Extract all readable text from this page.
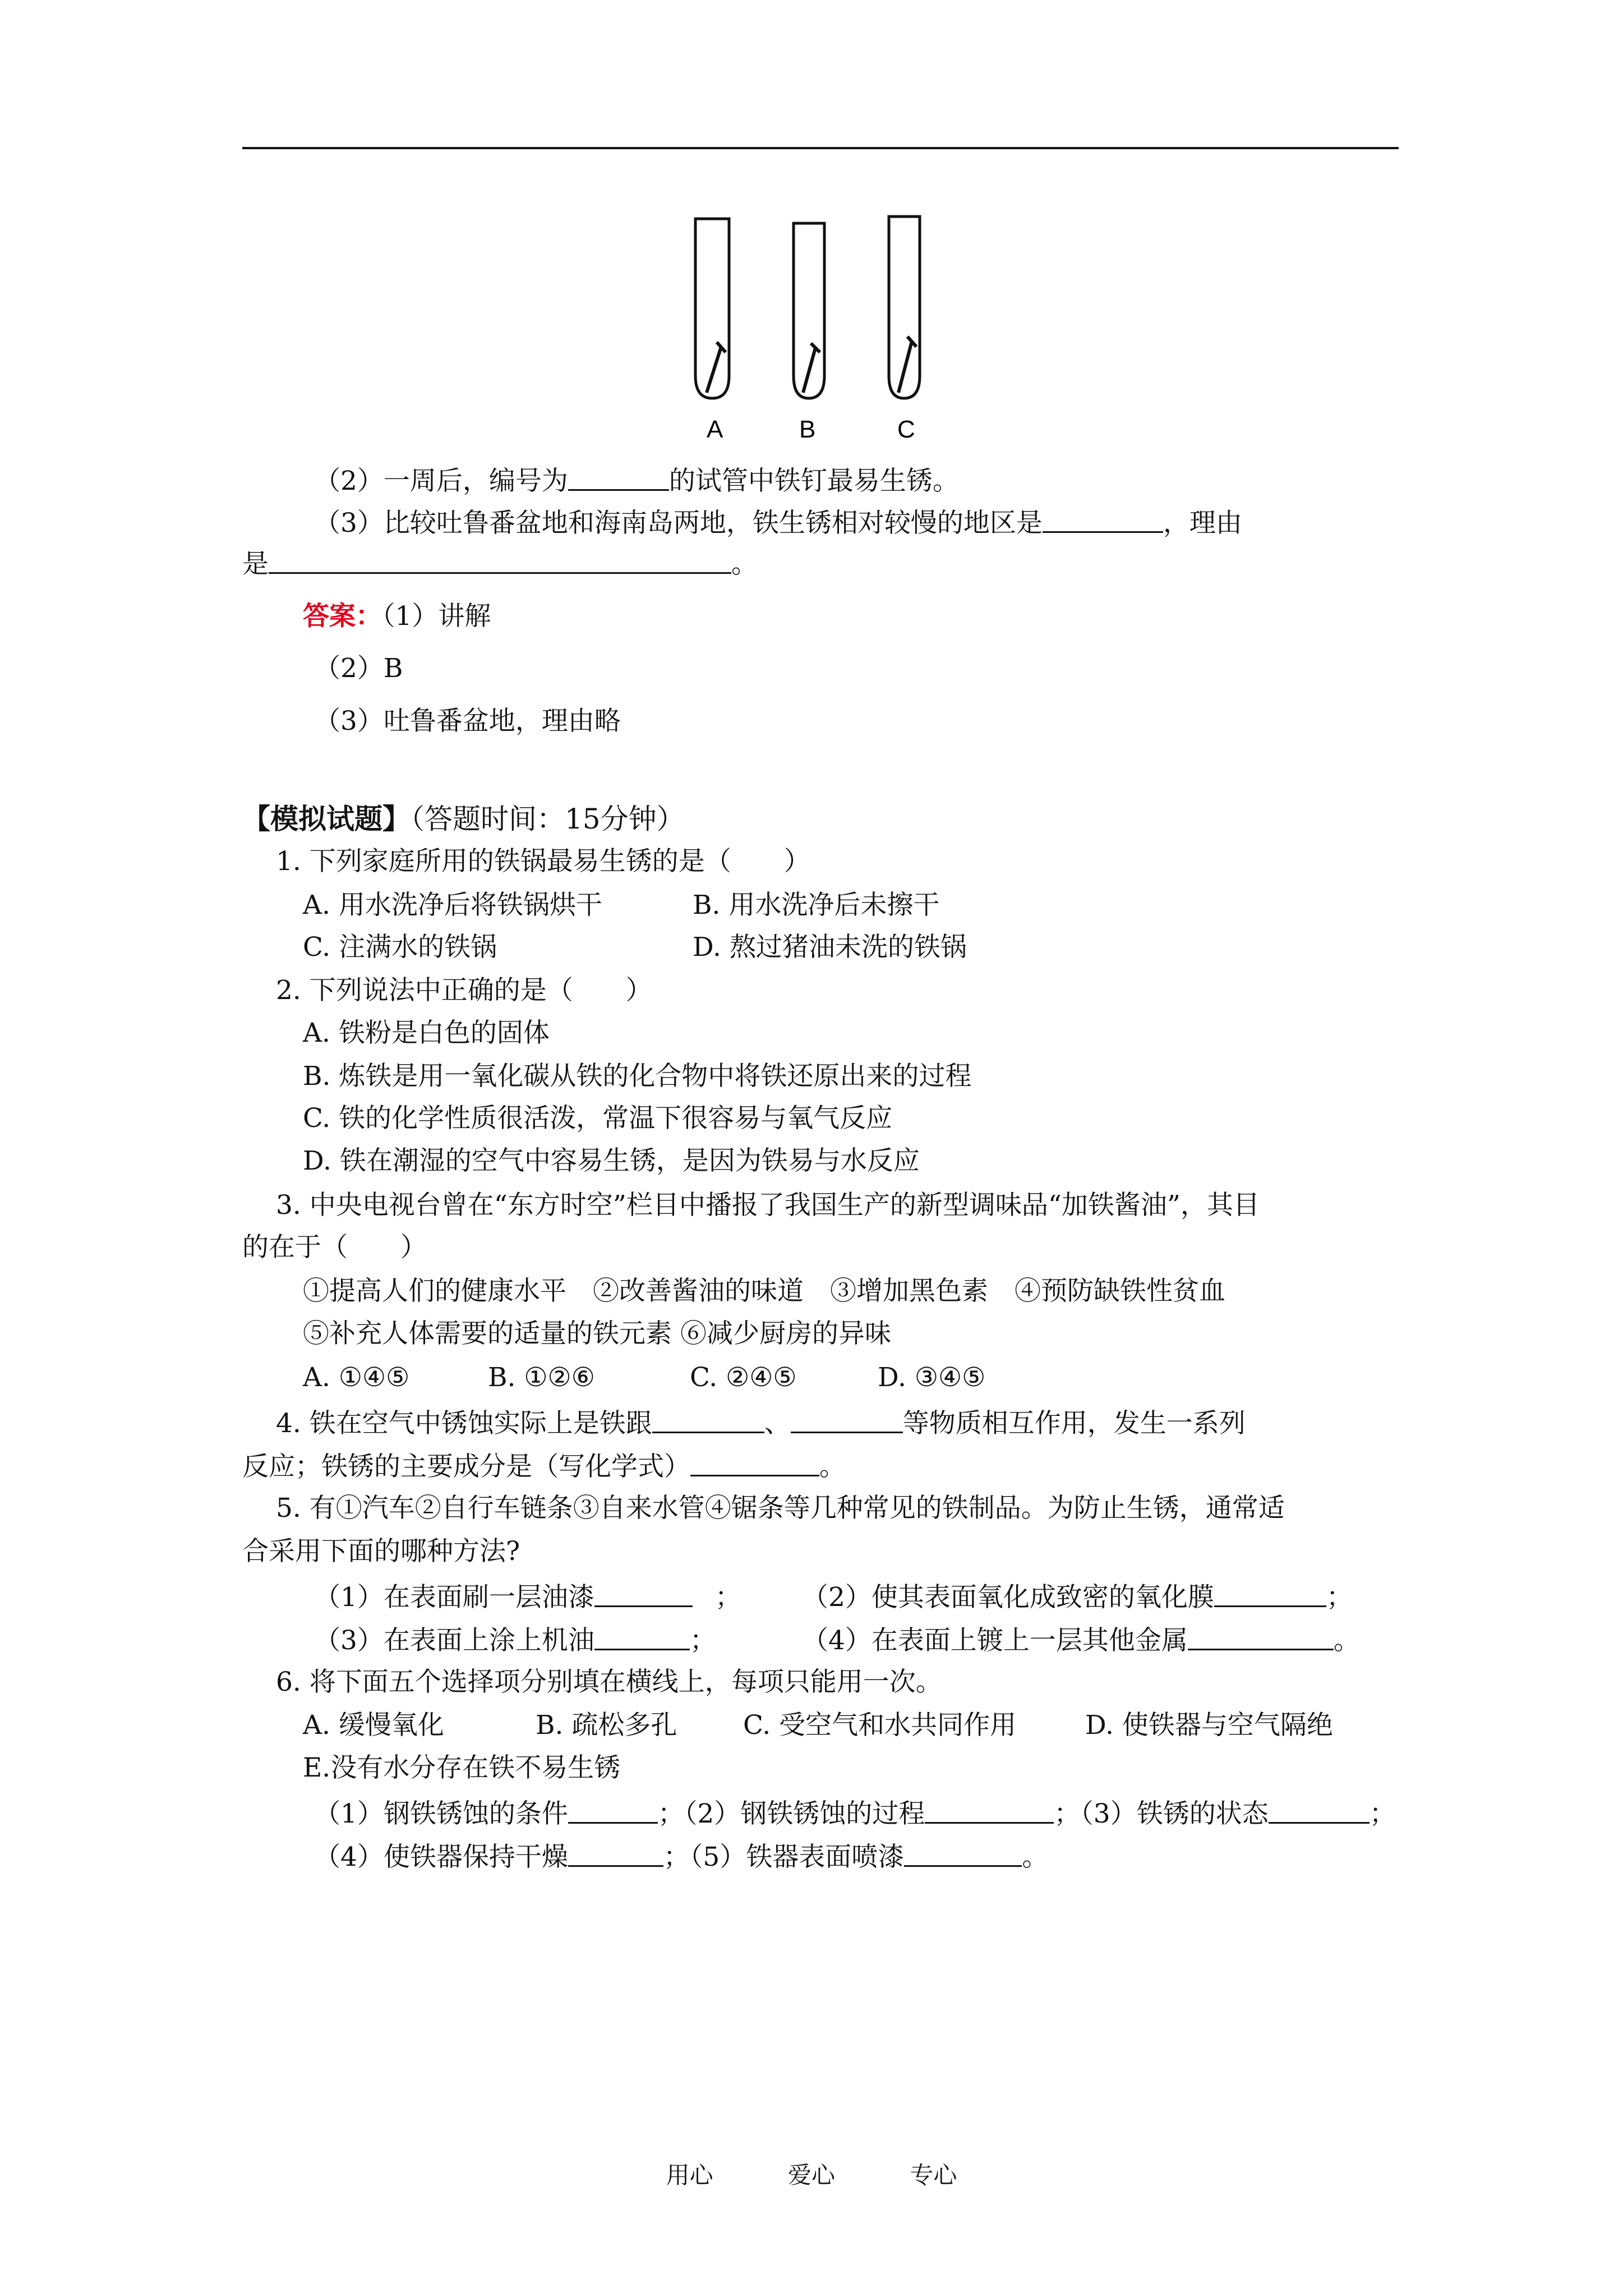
A	B	C
（2）一周后，编号为	的试管中铁钉最易生锈。
（3）比较吐鲁番盆地和海南岛两地，铁生锈相对较慢的地区是	，理由
是	。
答案：（1）讲解
（2）B
（3）吐鲁番盆地，理由略
【模拟试题】（答题时间：15分钟）
1. 下列家庭所用的铁锅最易生锈的是（　　）
A. 用水洗净后将铁锅烘干	B. 用水洗净后未擦干
C. 注满水的铁锅	D. 熬过猪油未洗的铁锅
2. 下列说法中正确的是（　　）
A. 铁粉是白色的固体
B. 炼铁是用一氧化碳从铁的化合物中将铁还原出来的过程
C. 铁的化学性质很活泼，常温下很容易与氧气反应
D. 铁在潮湿的空气中容易生锈，是因为铁易与水反应
3. 中央电视台曾在“东方时空”栏目中播报了我国生产的新型调味品“加铁酱油”，其目
的在于（　　）
①提高人们的健康水平　②改善酱油的味道　③增加黑色素　④预防缺铁性贫血
⑤补充人体需要的适量的铁元素 ⑥减少厨房的异味
A. ①④⑤	B. ①②⑥	C. ②④⑤	D. ③④⑤
4. 铁在空气中锈蚀实际上是铁跟	、	等物质相互作用，发生一系列
反应；铁锈的主要成分是（写化学式）	。
5. 有①汽车②自行车链条③自来水管④锯条等几种常见的铁制品。为防止生锈，通常适
合采用下面的哪种方法?
（1）在表面刷一层油漆	； （2）使其表面氧化成致密的氧化膜	；
（3）在表面上涂上机油	；	（4）在表面上镀上一层其他金属	。
6. 将下面五个选择项分别填在横线上，每项只能用一次。
A. 缓慢氧化	B. 疏松多孔	C. 受空气和水共同作用	D. 使铁器与空气隔绝
E.没有水分存在铁不易生锈
（1）钢铁锈蚀的条件	；（2）钢铁锈蚀的过程	；（3）铁锈的状态	；
（4）使铁器保持干燥	；（5）铁器表面喷漆	。
用心	爱心	专心
